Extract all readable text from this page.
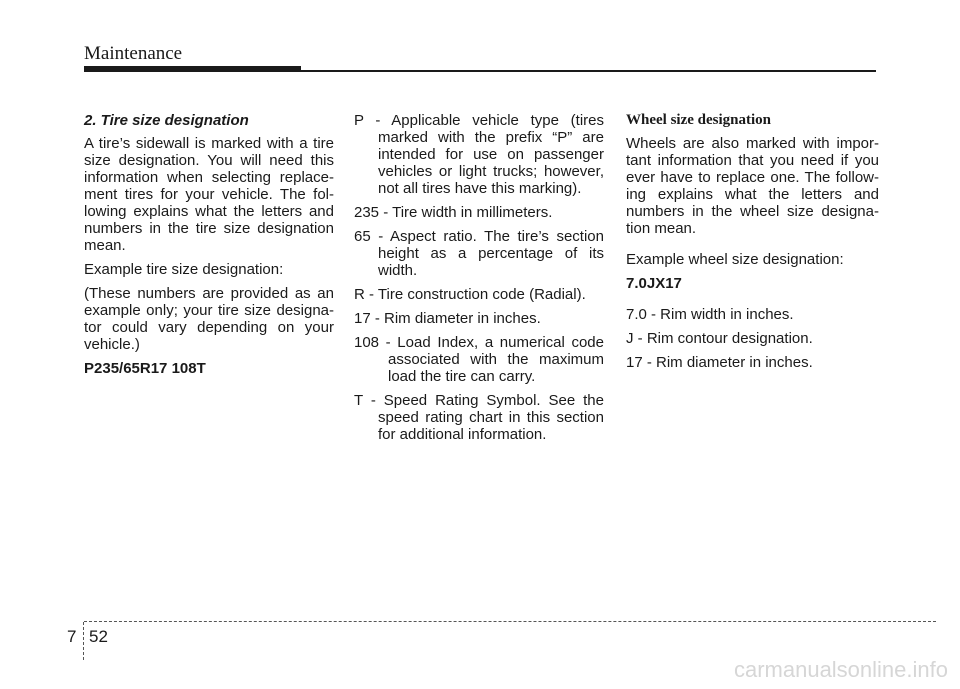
Maintenance

2. Tire size designation

A tire’s sidewall is marked with a tire size designation. You will need this information when selecting replace-ment tires for your vehicle. The fol-lowing explains what the letters and numbers in the tire size designation mean.

Example tire size designation:

(These numbers are provided as an example only; your tire size designa-tor could vary depending on your vehicle.)

P235/65R17 108T

P - Applicable vehicle type (tires marked with the prefix “P” are intended for use on passenger vehicles or light trucks; however, not all tires have this marking).

235 - Tire width in millimeters.

65 - Aspect ratio. The tire’s section height as a percentage of its width.

R - Tire construction code (Radial).

17 - Rim diameter in inches.

108 - Load Index, a numerical code associated with the maximum load the tire can carry.

T - Speed Rating Symbol. See the speed rating chart in this section for additional information.

Wheel size designation

Wheels are also marked with impor-tant information that you need if you ever have to replace one. The follow-ing explains what the letters and numbers in the wheel size designa-tion mean.

Example wheel size designation:

7.0JX17

7.0 - Rim width in inches.

J - Rim contour designation.

17 - Rim diameter in inches.

7 52
carmanualsonline.info
